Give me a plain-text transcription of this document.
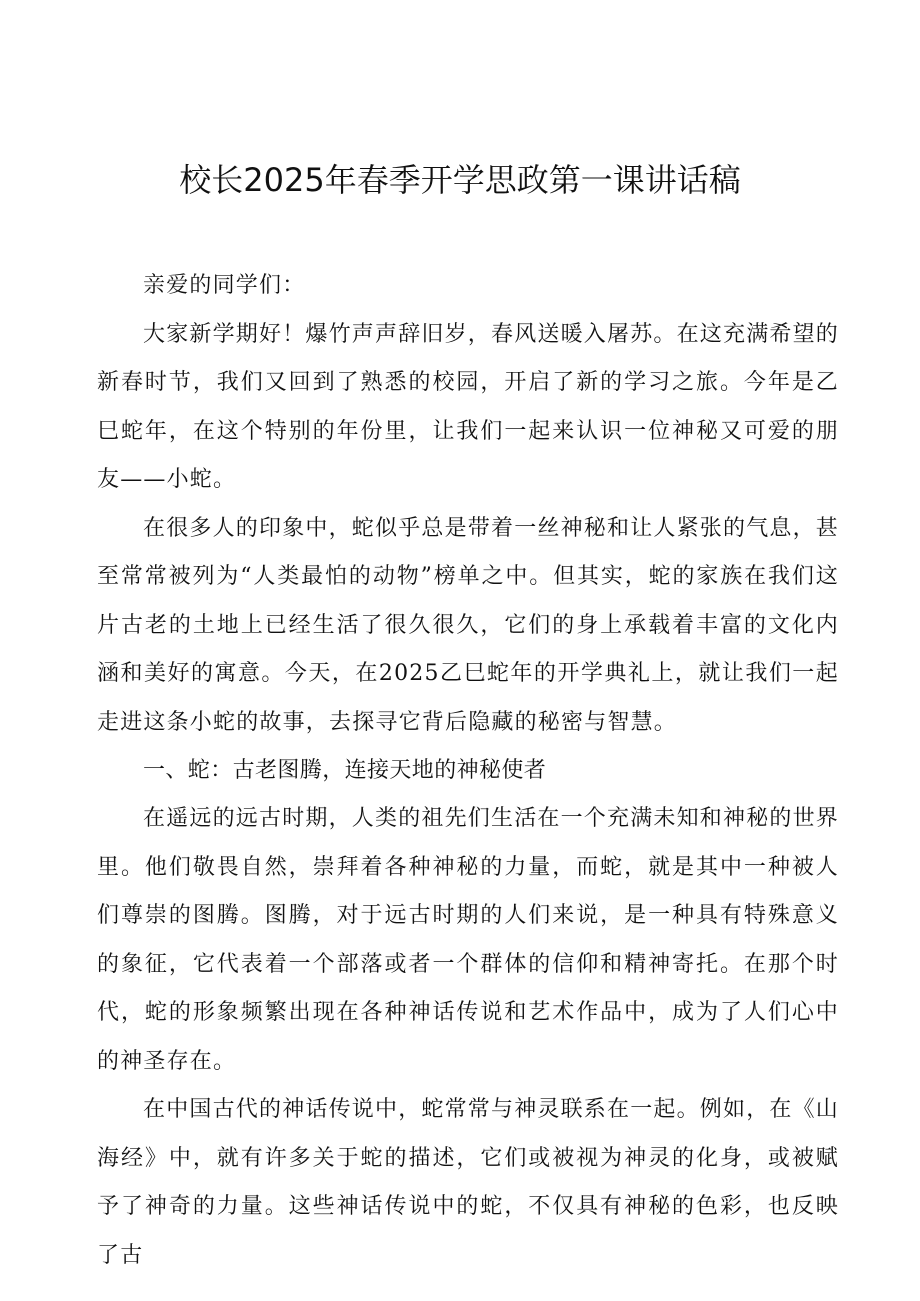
校长2025年春季开学思政第一课讲话稿

亲爱的同学们：

大家新学期好！爆竹声声辞旧岁，春风送暖入屠苏。在这充满希望的新春时节，我们又回到了熟悉的校园，开启了新的学习之旅。今年是乙巳蛇年，在这个特别的年份里，让我们一起来认识一位神秘又可爱的朋友——小蛇。

在很多人的印象中，蛇似乎总是带着一丝神秘和让人紧张的气息，甚至常常被列为“人类最怕的动物”榜单之中。但其实，蛇的家族在我们这片古老的土地上已经生活了很久很久，它们的身上承载着丰富的文化内涵和美好的寓意。今天，在2025乙巳蛇年的开学典礼上，就让我们一起走进这条小蛇的故事，去探寻它背后隐藏的秘密与智慧。

一、蛇：古老图腾，连接天地的神秘使者

在遥远的远古时期，人类的祖先们生活在一个充满未知和神秘的世界里。他们敬畏自然，崇拜着各种神秘的力量，而蛇，就是其中一种被人们尊崇的图腾。图腾，对于远古时期的人们来说，是一种具有特殊意义的象征，它代表着一个部落或者一个群体的信仰和精神寄托。在那个时代，蛇的形象频繁出现在各种神话传说和艺术作品中，成为了人们心中的神圣存在。

在中国古代的神话传说中，蛇常常与神灵联系在一起。例如，在《山海经》中，就有许多关于蛇的描述，它们或被视为神灵的化身，或被赋予了神奇的力量。这些神话传说中的蛇，不仅具有神秘的色彩，也反映了古
